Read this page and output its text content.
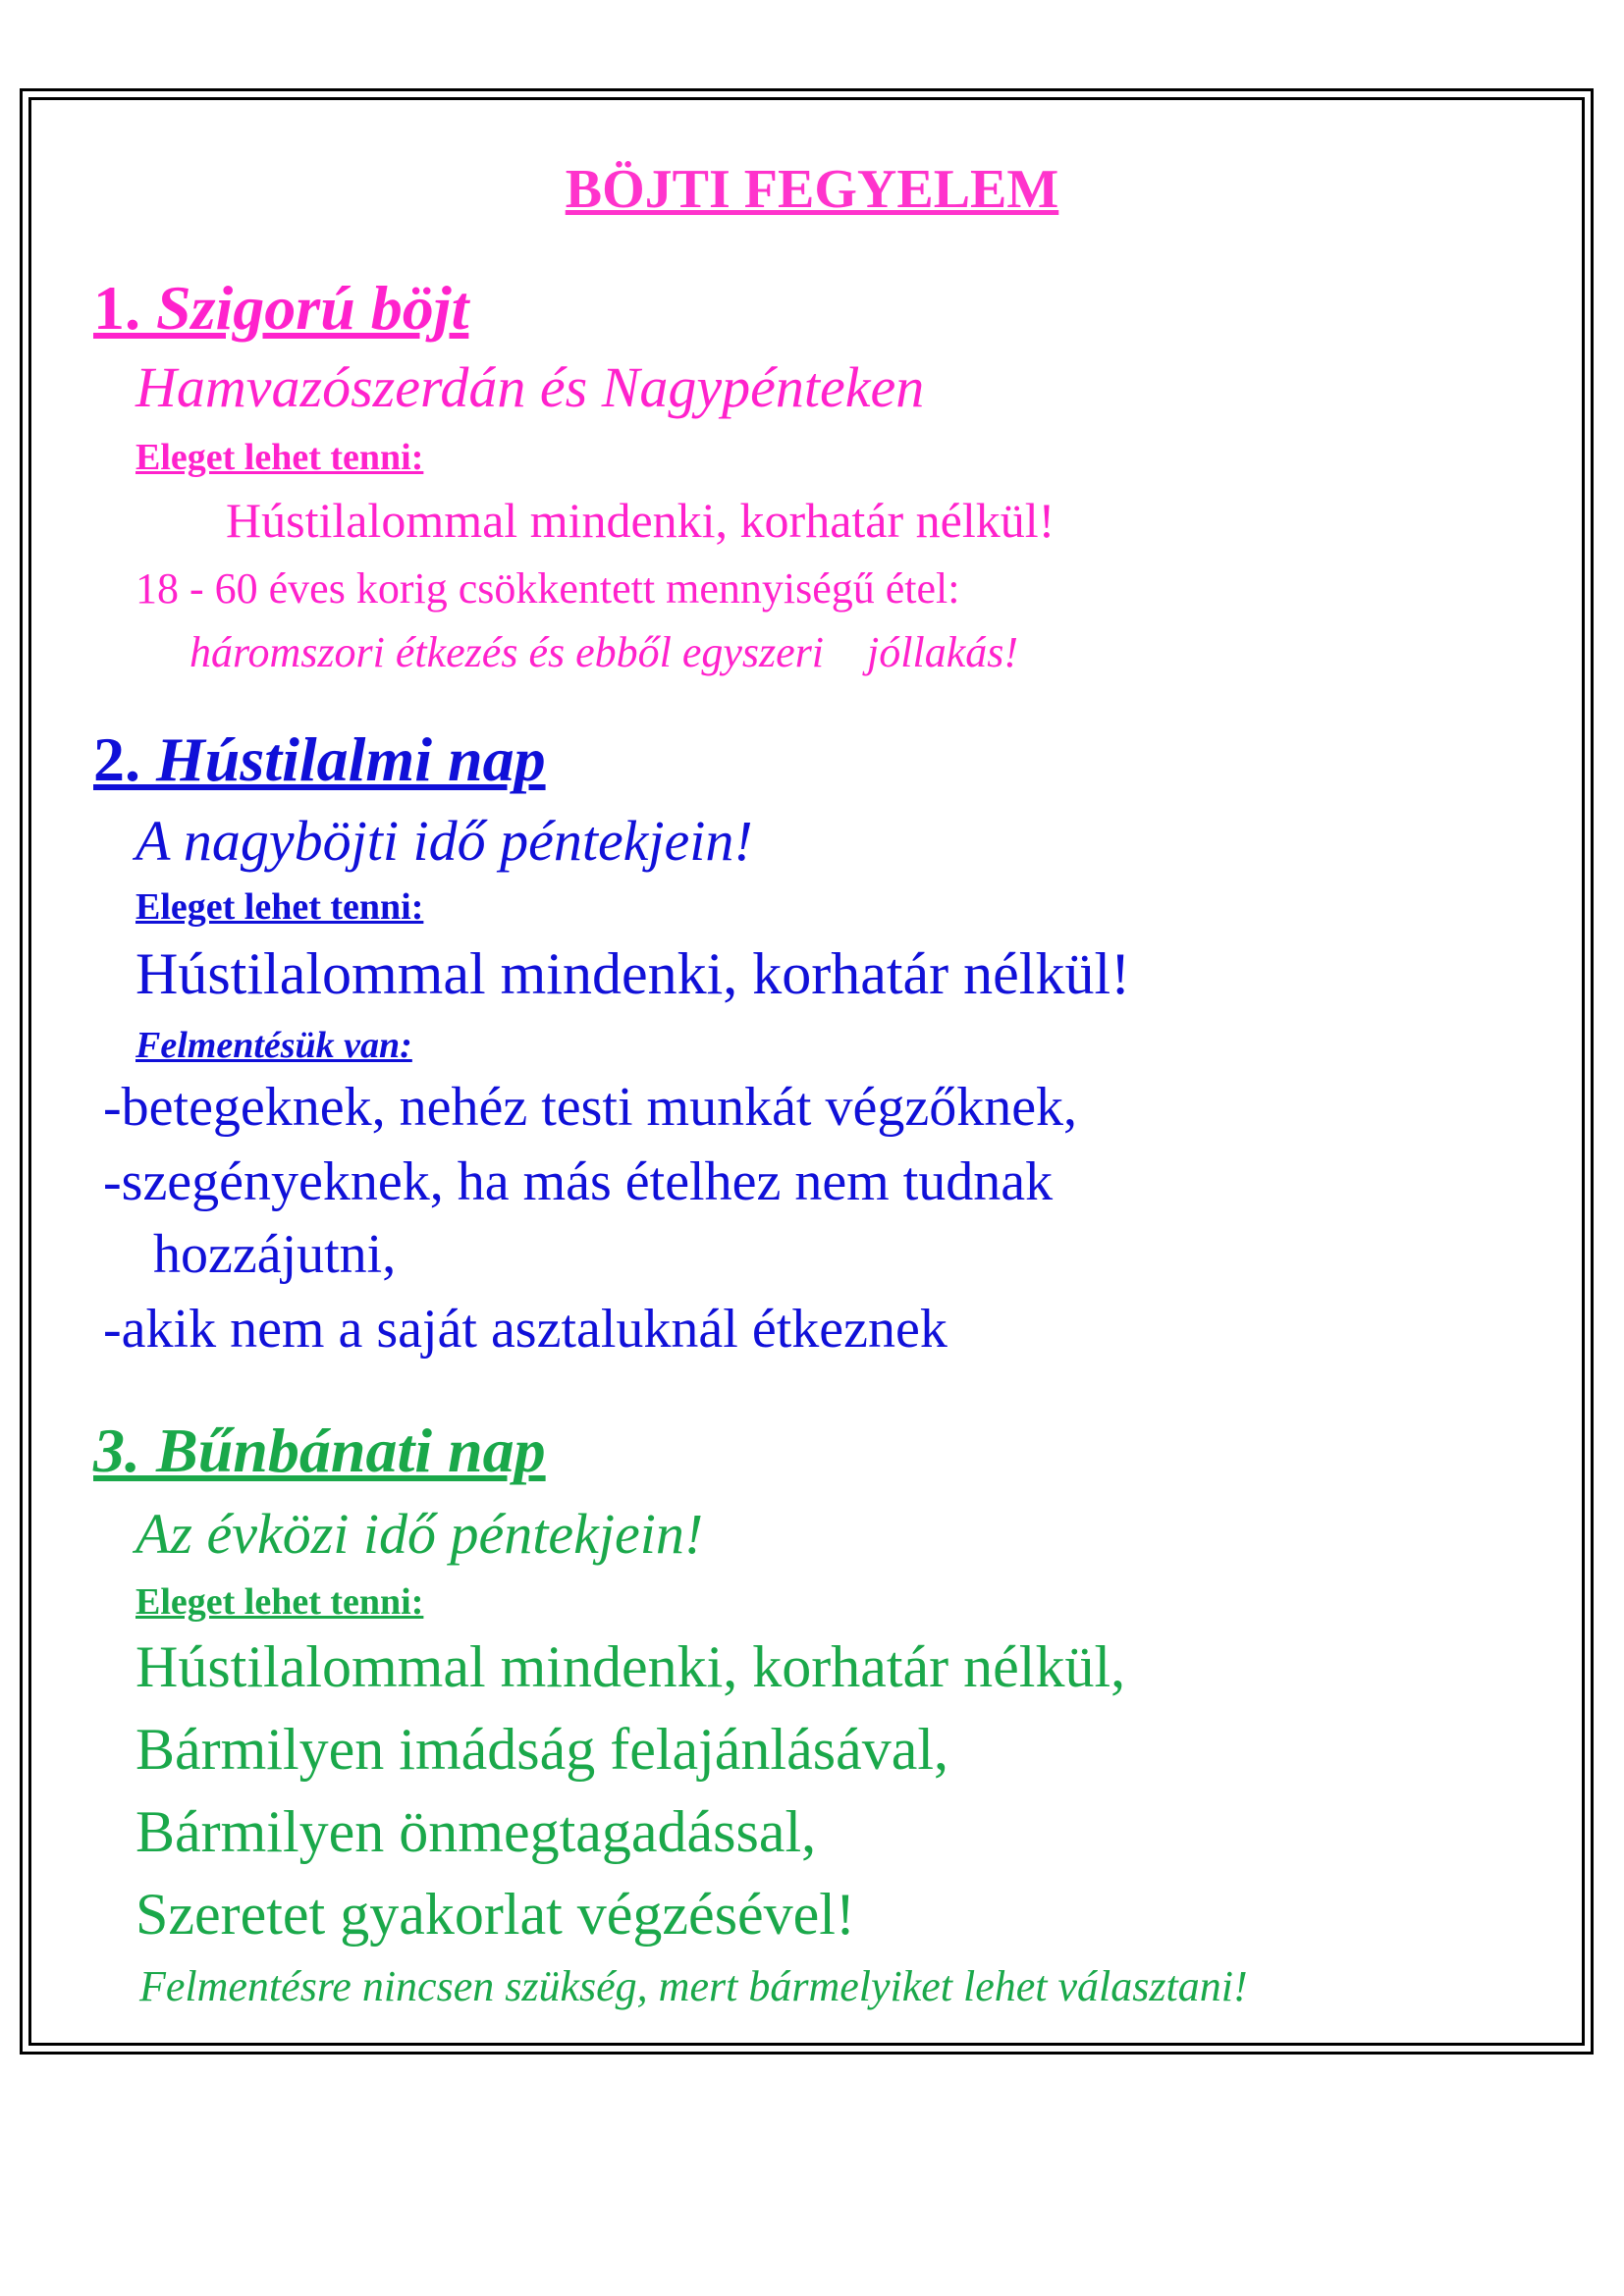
BÖJTI FEGYELEM

1. Szigorú böjt

Hamvazószerdán és Nagypénteken

Eleget lehet tenni:

Hústilalommal mindenki, korhatár nélkül!

18 - 60 éves korig csökkentett mennyiségű étel:

háromszori étkezés és ebből egyszeri    jóllakás!

2. Hústilalmi nap

A nagyböjti idő péntekjein!

Eleget lehet tenni:

Hústilalommal mindenki, korhatár nélkül!

Felmentésük van:

-betegeknek, nehéz testi munkát végzőknek,

-szegényeknek, ha más ételhez nem tudnak

hozzájutni,

-akik nem a saját asztaluknál étkeznek

3. Bűnbánati nap

Az évközi idő péntekjein!

Eleget lehet tenni:

Hústilalommal mindenki, korhatár nélkül,

Bármilyen imádság felajánlásával,

Bármilyen önmegtagadással,

Szeretet gyakorlat végzésével!

Felmentésre nincsen szükség, mert bármelyiket lehet választani!
